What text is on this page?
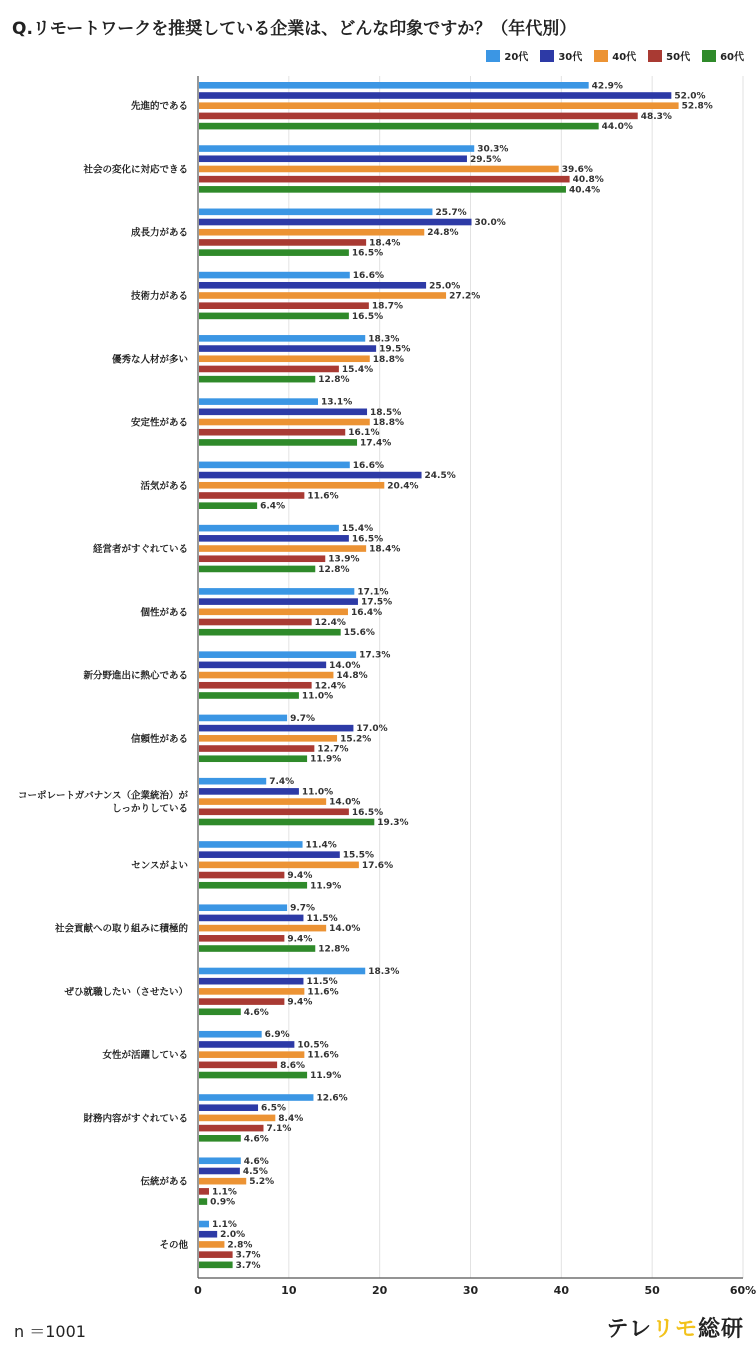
Q.リモートワークを推奨している企業は、どんな印象ですか？（年代別）
20代	30代	40代	50代	60代
0	10	20	30	40	50	60%
先進的である
42.9%
52.0%
52.8%
48.3%
44.0%
社会の変化に対応できる
30.3%
29.5%
39.6%
40.8%
40.4%
成長力がある
25.7%
30.0%
24.8%
18.4%
16.5%
技術力がある
16.6%
25.0%
27.2%
18.7%
16.5%
優秀な人材が多い
18.3%
19.5%
18.8%
15.4%
12.8%
安定性がある
13.1%
18.5%
18.8%
16.1%
17.4%
活気がある
16.6%
24.5%
20.4%
11.6%
6.4%
経営者がすぐれている
15.4%
16.5%
18.4%
13.9%
12.8%
個性がある
17.1%
17.5%
16.4%
12.4%
15.6%
新分野進出に熱心である
17.3%
14.0%
14.8%
12.4%
11.0%
信頼性がある
9.7%
17.0%
15.2%
12.7%
11.9%
コーポレートガバナンス（企業統治）が
しっかりしている
7.4%
11.0%
14.0%
16.5%
19.3%
センスがよい
11.4%
15.5%
17.6%
9.4%
11.9%
社会貢献への取り組みに積極的
9.7%
11.5%
14.0%
9.4%
12.8%
ぜひ就職したい（させたい）
18.3%
11.5%
11.6%
9.4%
4.6%
女性が活躍している
6.9%
10.5%
11.6%
8.6%
11.9%
財務内容がすぐれている
12.6%
6.5%
8.4%
7.1%
4.6%
伝統がある
4.6%
4.5%
5.2%
1.1%
0.9%
その他
1.1%
2.0%
2.8%
3.7%
3.7%
n ＝1001	テレリモ総研
